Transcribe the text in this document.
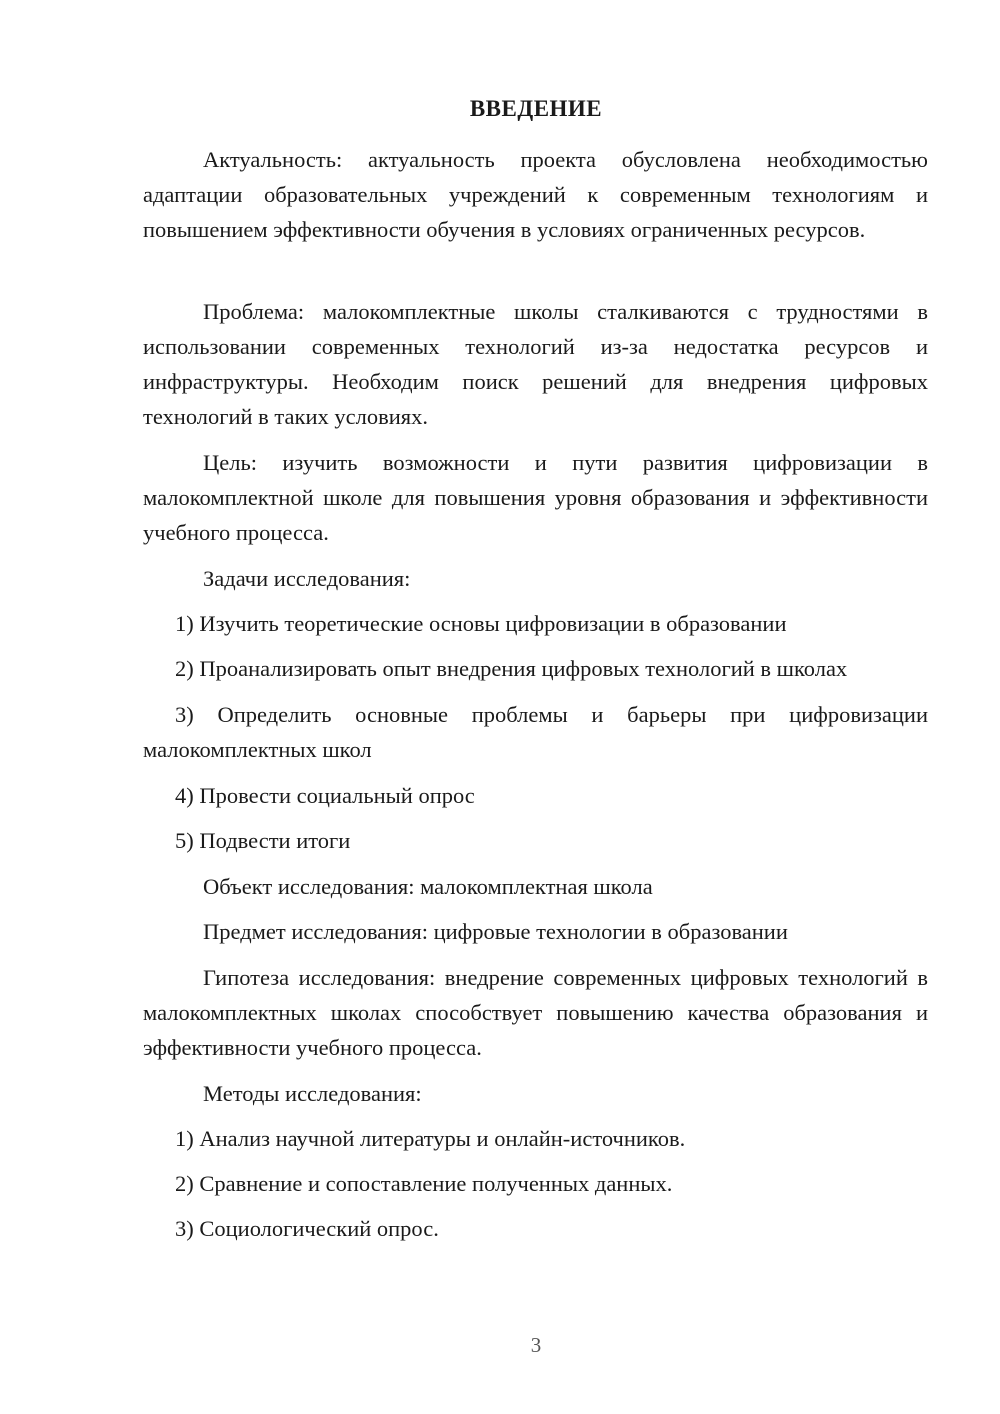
ВВЕДЕНИЕ

Актуальность: актуальность проекта обусловлена необходимостью адаптации образовательных учреждений к современным технологиям и повышением эффективности обучения в условиях ограниченных ресурсов.

Проблема: малокомплектные школы сталкиваются с трудностями в использовании современных технологий из-за недостатка ресурсов и инфраструктуры. Необходим поиск решений для внедрения цифровых технологий в таких условиях.

Цель: изучить возможности и пути развития цифровизации в малокомплектной школе для повышения уровня образования и эффективности учебного процесса.

Задачи исследования:

1) Изучить теоретические основы цифровизации в образовании

2) Проанализировать опыт внедрения цифровых технологий в школах

3) Определить основные проблемы и барьеры при цифровизации малокомплектных школ

4) Провести социальный опрос

5) Подвести итоги

Объект исследования: малокомплектная школа

Предмет исследования: цифровые технологии в образовании

Гипотеза исследования: внедрение современных цифровых технологий в малокомплектных школах способствует повышению качества образования и эффективности учебного процесса.

Методы исследования:

1) Анализ научной литературы и онлайн-источников.

2) Сравнение и сопоставление полученных данных.

3) Социологический опрос.

3
